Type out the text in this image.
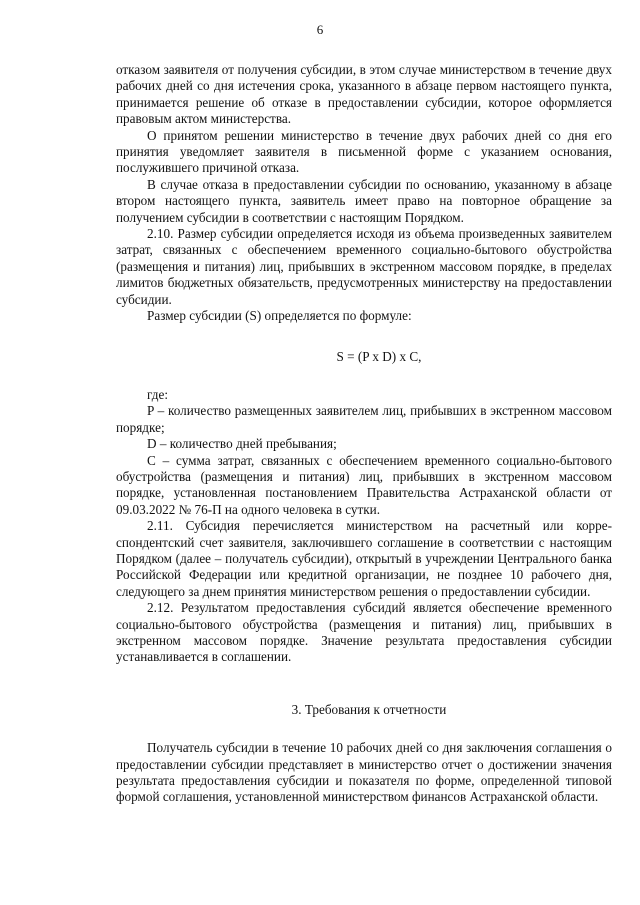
6

отказом заявителя от получения субсидии, в этом случае министерством в течение двух рабочих дней со дня истечения срока, указанного в абзаце первом настоящего пункта, принимается решение об отказе в предоставлении субсидии, которое оформляется правовым актом министерства.

О принятом решении министерство в течение двух рабочих дней со дня его принятия уведомляет заявителя в письменной форме с указанием основания, послужившего причиной отказа.

В случае отказа в предоставлении субсидии по основанию, указанному в абзаце втором настоящего пункта, заявитель имеет право на повторное обращение за получением субсидии в соответствии с настоящим Порядком.

2.10. Размер субсидии определяется исходя из объема произведенных заявителем затрат, связанных с обеспечением временного социально-бытового обустройства (размещения и питания) лиц, прибывших в экстренном массовом порядке, в пределах лимитов бюджетных обязательств, предусмотренных министерству на предоставлении субсидии.

Размер субсидии (S) определяется по формуле:

S = (P x D) x C,

где:

P – количество размещенных заявителем лиц, прибывших в экстренном массовом порядке;

D – количество дней пребывания;

C – сумма затрат, связанных с обеспечением временного социально-бытового обустройства (размещения и питания) лиц, прибывших в экстренном массовом порядке, установленная постановлением Правительства Астраханской области от 09.03.2022 № 76-П на одного человека в сутки.

2.11. Субсидия перечисляется министерством на расчетный или корреспондентский счет заявителя, заключившего соглашение в соответствии с настоящим Порядком (далее – получатель субсидии), открытый в учреждении Центрального банка Российской Федерации или кредитной организации, не позднее 10 рабочего дня, следующего за днем принятия министерством решения о предоставлении субсидии.

2.12. Результатом предоставления субсидий является обеспечение временного социально-бытового обустройства (размещения и питания) лиц, прибывших в экстренном массовом порядке. Значение результата предоставления субсидии устанавливается в соглашении.

3. Требования к отчетности

Получатель субсидии в течение 10 рабочих дней со дня заключения соглашения о предоставлении субсидии представляет в министерство отчет о достижении значения результата предоставления субсидии и показателя по форме, определенной типовой формой соглашения, установленной министерством финансов Астраханской области.
